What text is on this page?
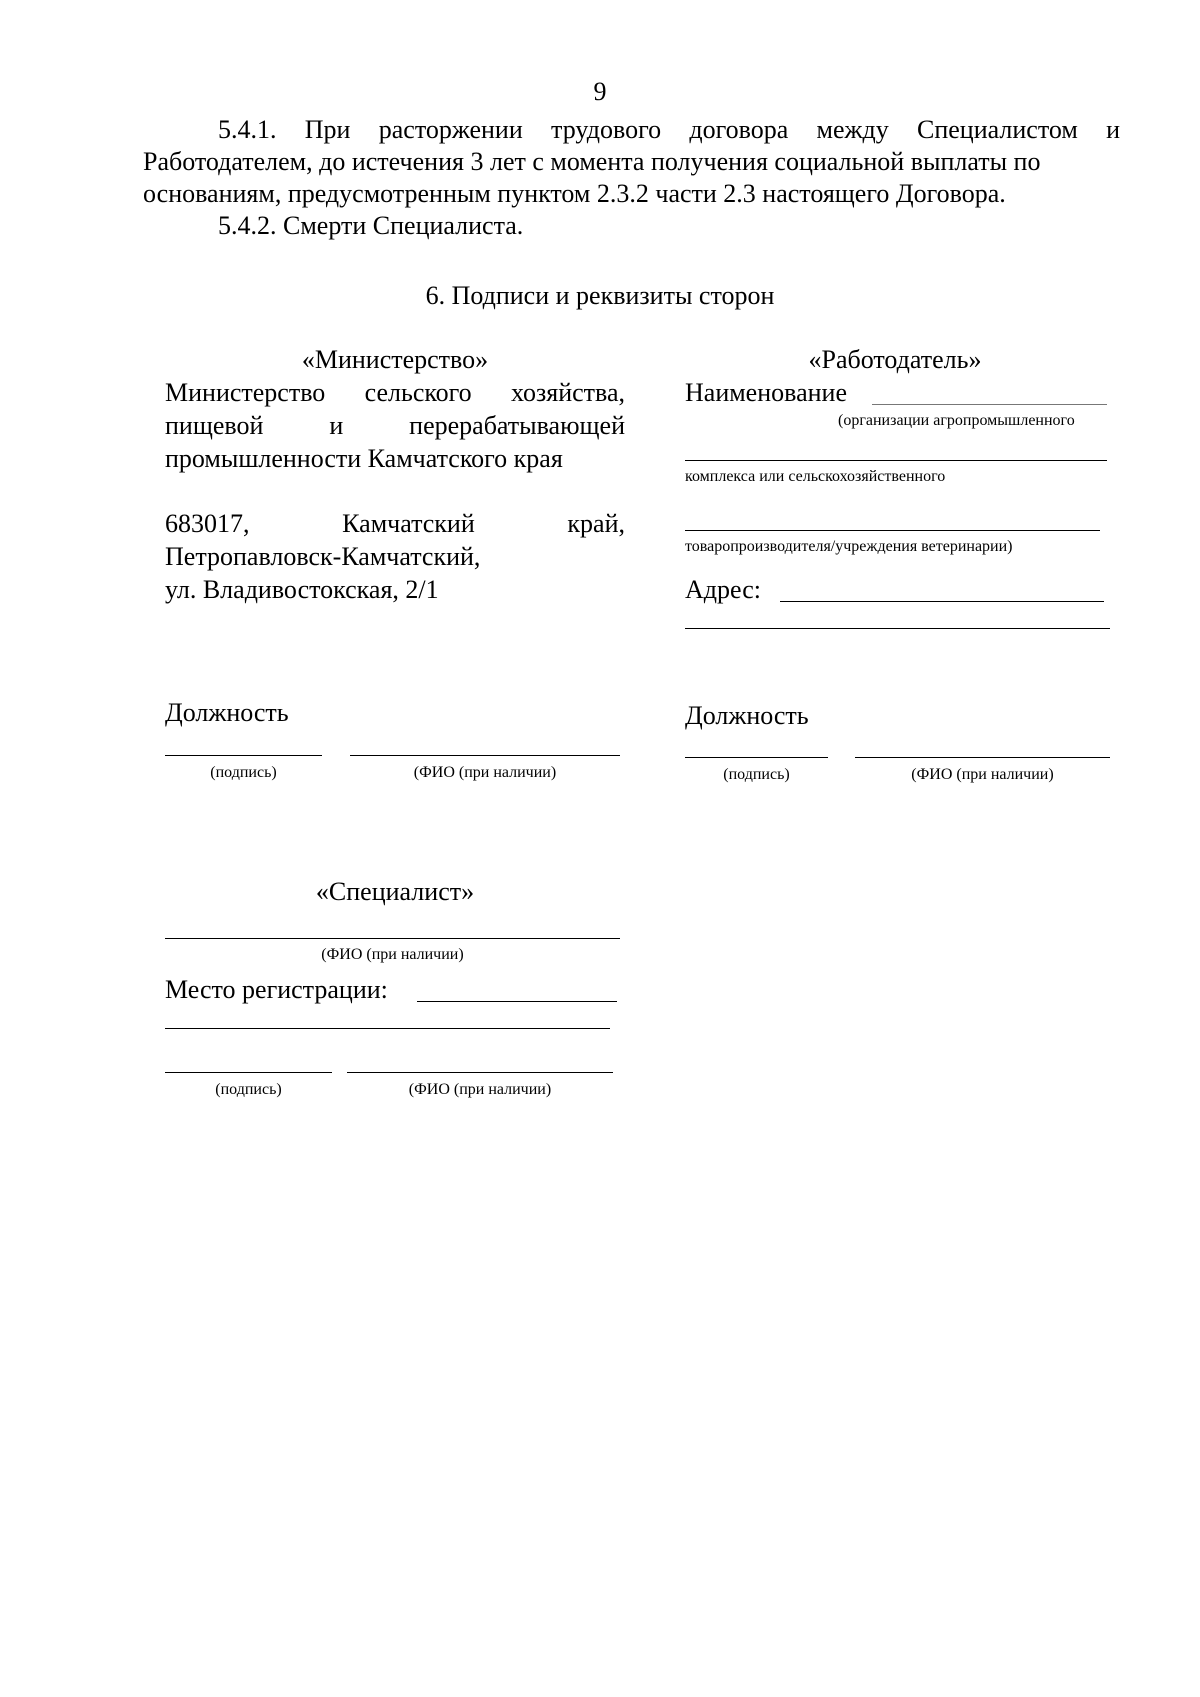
9
5.4.1. При расторжении трудового договора между Специалистом и
Работодателем, до истечения 3 лет с момента получения социальной выплаты по
основаниям, предусмотренным пунктом 2.3.2 части 2.3 настоящего Договора.
5.4.2. Смерти Специалиста.
6. Подписи и реквизиты сторон
«Министерство»
Министерство сельского хозяйства,
пищевой и перерабатывающей
промышленности Камчатского края
683017, Камчатский край,
Петропавловск-Камчатский,
ул. Владивостокская, 2/1
Должность
(подпись)	(ФИО (при наличии)
«Работодатель»
Наименование
(организации агропромышленного
комплекса или сельскохозяйственного
товаропроизводителя/учреждения ветеринарии)
Адрес:
Должность
(подпись)	(ФИО (при наличии)
«Специалист»
(ФИО (при наличии)
Место регистрации:
(подпись)	(ФИО (при наличии)
